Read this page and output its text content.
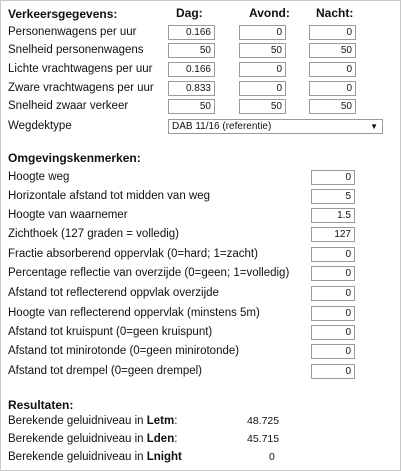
Verkeersgegevens:	Dag:	Avond: Nacht:
Personenwagens per uur	0.166	0	0
Snelheid personenwagens	50	50	50
Lichte vrachtwagens per uur	0.166	0	0
Zware vrachtwagens per uur	0.833	0	0
Snelheid zwaar verkeer	50	50	50
Wegdektype	DAB 11/16 (referentie)	▼
Omgevingskenmerken:
Hoogte weg	0
Horizontale afstand tot midden van weg	5
Hoogte van waarnemer	1.5
Zichthoek (127 graden = volledig)	127
Fractie absorberend oppervlak (0=hard; 1=zacht)	0
Percentage reflectie van overzijde (0=geen; 1=volledig)	0
Afstand tot reflecterend oppvlak overzijde	0
Hoogte van reflecterend oppervlak (minstens 5m)	0
Afstand tot kruispunt (0=geen kruispunt)	0
Afstand tot minirotonde (0=geen minirotonde)	0
Afstand tot drempel (0=geen drempel)	0
Resultaten:
Berekende geluidniveau in Letm:	48.725
Berekende geluidniveau in Lden:	45.715
Berekende geluidniveau in Lnight	0
